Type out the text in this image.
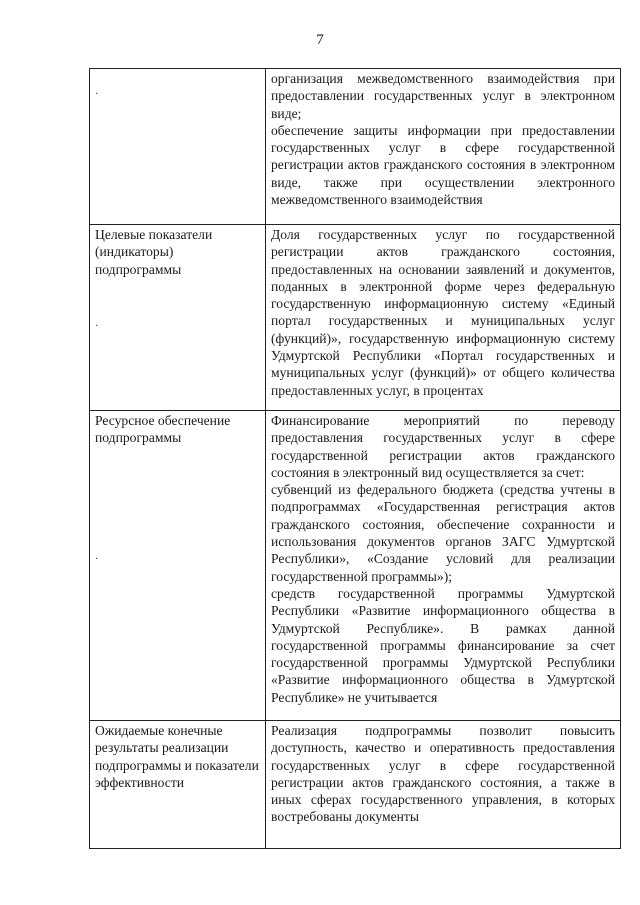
7

	организация межведомственного взаимодействия при предоставлении государственных услуг в электронном виде;

обеспечение защиты информации при предоставлении государственных услуг в сфере государственной регистрации актов гражданского состояния в электронном виде, также при осуществлении электронного межведомственного взаимодействия

Целевые показатели (индикаторы) подпрограммы	Доля государственных услуг по государственной регистрации актов гражданского состояния, предоставленных на основании заявлений и документов, поданных в электронной форме через федеральную государственную информационную систему «Единый портал государственных и муниципальных услуг (функций)», государственную информационную систему Удмуртской Республики «Портал государственных и муниципальных услуг (функций)» от общего количества предоставленных услуг, в процентах

Ресурсное обеспечение подпрограммы	Финансирование мероприятий по переводу предоставления государственных услуг в сфере государственной регистрации актов гражданского состояния в электронный вид осуществляется за счет:

субвенций из федерального бюджета (средства учтены в подпрограммах «Государственная регистрация актов гражданского состояния, обеспечение сохранности и использования документов органов ЗАГС Удмуртской Республики», «Создание условий для реализации государственной программы»);

средств государственной программы Удмуртской Республики «Развитие информационного общества в Удмуртской Республике». В рамках данной государственной программы финансирование за счет государственной программы Удмуртской Республики «Развитие информационного общества в Удмуртской Республике» не учитывается

Ожидаемые конечные результаты реализации подпрограммы и показатели эффективности	Реализация подпрограммы позволит повысить доступность, качество и оперативность предоставления государственных услуг в сфере государственной регистрации актов гражданского состояния, а также в иных сферах государственного управления, в которых востребованы документы

·
·
·
